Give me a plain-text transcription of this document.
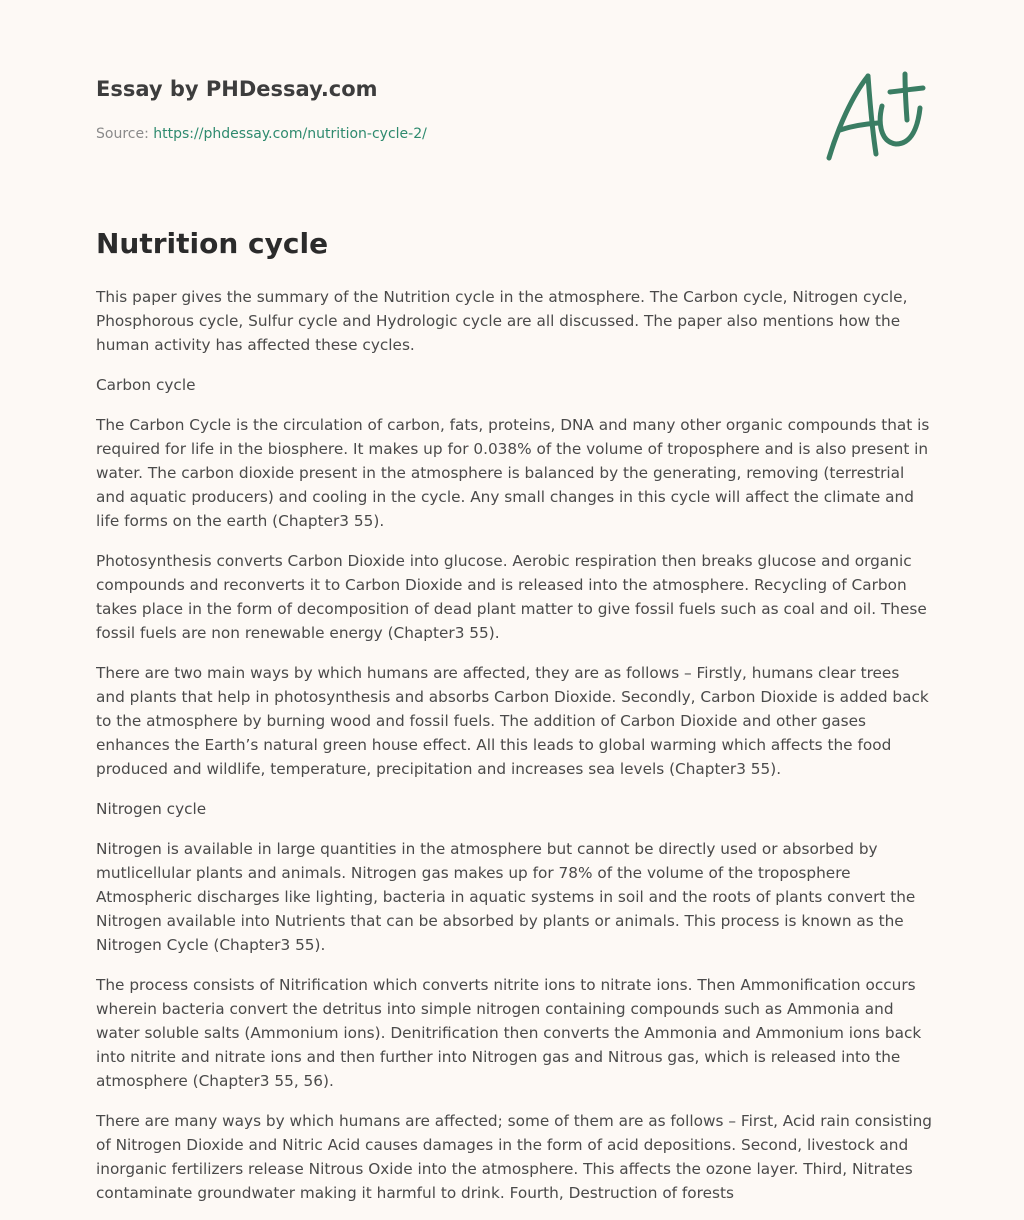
Essay by PHDessay.com
Source: https://phdessay.com/nutrition-cycle-2/
Nutrition cycle

This paper gives the summary of the Nutrition cycle in the atmosphere. The Carbon cycle, Nitrogen cycle, Phosphorous cycle, Sulfur cycle and Hydrologic cycle are all discussed. The paper also mentions how the human activity has affected these cycles.

Carbon cycle

The Carbon Cycle is the circulation of carbon, fats, proteins, DNA and many other organic compounds that is required for life in the biosphere. It makes up for 0.038% of the volume of troposphere and is also present in water. The carbon dioxide present in the atmosphere is balanced by the generating, removing (terrestrial and aquatic producers) and cooling in the cycle. Any small changes in this cycle will affect the climate and life forms on the earth (Chapter3 55).

Photosynthesis converts Carbon Dioxide into glucose. Aerobic respiration then breaks glucose and organic compounds and reconverts it to Carbon Dioxide and is released into the atmosphere. Recycling of Carbon takes place in the form of decomposition of dead plant matter to give fossil fuels such as coal and oil. These fossil fuels are non renewable energy (Chapter3 55).

There are two main ways by which humans are affected, they are as follows – Firstly, humans clear trees and plants that help in photosynthesis and absorbs Carbon Dioxide. Secondly, Carbon Dioxide is added back to the atmosphere by burning wood and fossil fuels. The addition of Carbon Dioxide and other gases enhances the Earth’s natural green house effect. All this leads to global warming which affects the food produced and wildlife, temperature, precipitation and increases sea levels (Chapter3 55).

Nitrogen cycle

Nitrogen is available in large quantities in the atmosphere but cannot be directly used or absorbed by mutlicellular plants and animals. Nitrogen gas makes up for 78% of the volume of the troposphere Atmospheric discharges like lighting, bacteria in aquatic systems in soil and the roots of plants convert the Nitrogen available into Nutrients that can be absorbed by plants or animals. This process is known as the Nitrogen Cycle (Chapter3 55).

The process consists of Nitrification which converts nitrite ions to nitrate ions. Then Ammonification occurs wherein bacteria convert the detritus into simple nitrogen containing compounds such as Ammonia and water soluble salts (Ammonium ions). Denitrification then converts the Ammonia and Ammonium ions back into nitrite and nitrate ions and then further into Nitrogen gas and Nitrous gas, which is released into the atmosphere (Chapter3 55, 56).

There are many ways by which humans are affected; some of them are as follows – First, Acid rain consisting of Nitrogen Dioxide and Nitric Acid causes damages in the form of acid depositions. Second, livestock and inorganic fertilizers release Nitrous Oxide into the atmosphere. This affects the ozone layer. Third, Nitrates contaminate groundwater making it harmful to drink. Fourth, Destruction of forests
